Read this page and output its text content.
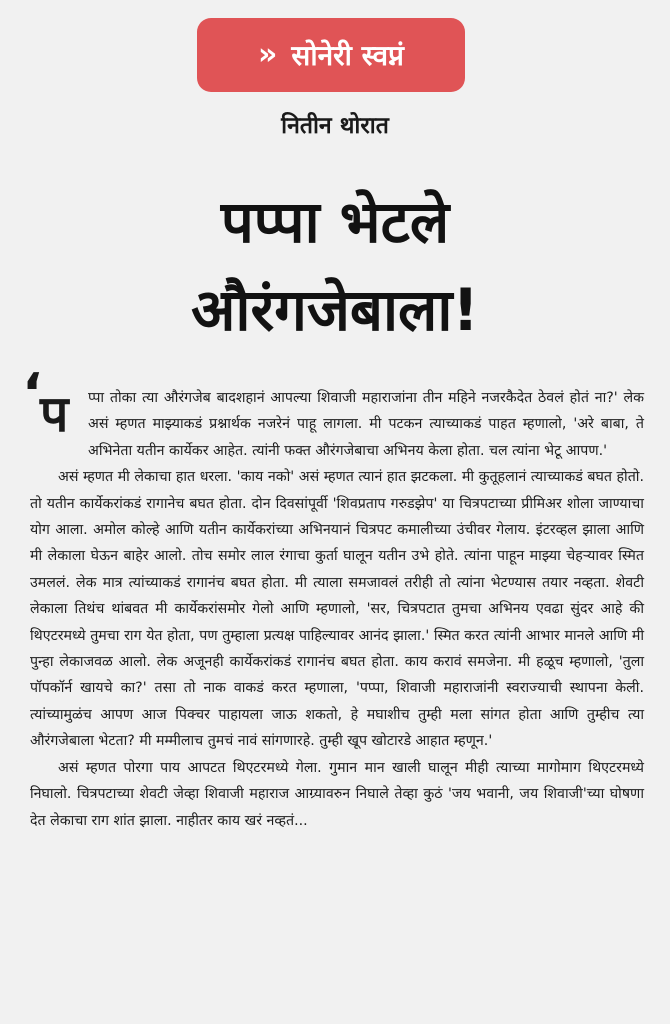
» सोनेरी स्वप्नं
नितीन थोरात
पप्पा भेटले
औरंगजेबाला!
‘
प	प्पा तोका त्या औरंगजेब बादशहानं आपल्या शिवाजी महाराजांना तीन महिने नजरकैदेत ठेवलं होतं ना?' लेक असं म्हणत माझ्याकडं प्रश्नार्थक नजरेनं पाहू लागला. मी पटकन त्याच्याकडं पाहत म्हणालो, 'अरे बाबा, ते अभिनेता यतीन कार्येकर आहेत. त्यांनी फक्त औरंगजेबाचा अभिनय केला होता. चल त्यांना भेटू आपण.'

असं म्हणत मी लेकाचा हात धरला. 'काय नको' असं म्हणत त्यानं हात झटकला. मी कुतूहलानं त्याच्याकडं बघत होतो. तो यतीन कार्येकरांकडं रागानेच बघत होता. दोन दिवसांपूर्वी 'शिवप्रताप गरुडझेप' या चित्रपटाच्या प्रीमिअर शोला जाण्याचा योग आला. अमोल कोल्हे आणि यतीन कार्येकरांच्या अभिनयानं चित्रपट कमालीच्या उंचीवर गेलाय. इंटरव्हल झाला आणि मी लेकाला घेऊन बाहेर आलो. तोच समोर लाल रंगाचा कुर्ता घालून यतीन उभे होते. त्यांना पाहून माझ्या चेहऱ्यावर स्मित उमललं. लेक मात्र त्यांच्याकडं रागानंच बघत होता. मी त्याला समजावलं तरीही तो त्यांना भेटण्यास तयार नव्हता. शेवटी लेकाला तिथंच थांबवत मी कार्येकरांसमोर गेलो आणि म्हणालो, 'सर, चित्रपटात तुमचा अभिनय एवढा सुंदर आहे की थिएटरमध्ये तुमचा राग येत होता, पण तुम्हाला प्रत्यक्ष पाहिल्यावर आनंद झाला.' स्मित करत त्यांनी आभार मानले आणि मी पुन्हा लेकाजवळ आलो. लेक अजूनही कार्येकरांकडं रागानंच बघत होता. काय करावं समजेना. मी हळूच म्हणालो, 'तुला पॉपकॉर्न खायचे का?' तसा तो नाक वाकडं करत म्हणाला, 'पप्पा, शिवाजी महाराजांनी स्वराज्याची स्थापना केली. त्यांच्यामुळंच आपण आज पिक्चर पाहायला जाऊ शकतो, हे मघाशीच तुम्ही मला सांगत होता आणि तुम्हीच त्या औरंगजेबाला भेटता? मी मम्मीलाच तुमचं नावं सांगणारहे. तुम्ही खूप खोटारडे आहात म्हणून.'

असं म्हणत पोरगा पाय आपटत थिएटरमध्ये गेला. गुमान मान खाली घालून मीही त्याच्या मागोमाग थिएटरमध्ये निघालो. चित्रपटाच्या शेवटी जेव्हा शिवाजी महाराज आग्र्यावरुन निघाले तेव्हा कुठं 'जय भवानी, जय शिवाजी'च्या घोषणा देत लेकाचा राग शांत झाला. नाहीतर काय खरं नव्हतं...
